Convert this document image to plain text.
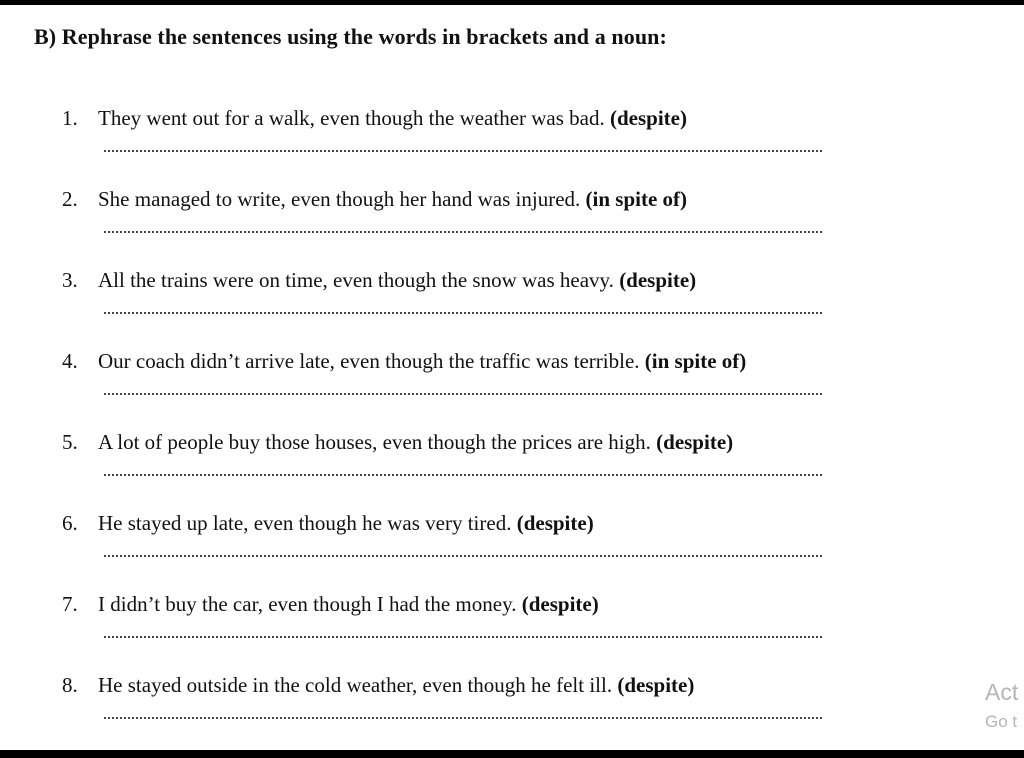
B) Rephrase the sentences using the words in brackets and a noun:
1. They went out for a walk, even though the weather was bad. (despite)
2. She managed to write, even though her hand was injured. (in spite of)
3. All the trains were on time, even though the snow was heavy. (despite)
4. Our coach didn’t arrive late, even though the traffic was terrible. (in spite of)
5. A lot of people buy those houses, even though the prices are high. (despite)
6. He stayed up late, even though he was very tired. (despite)
7. I didn’t buy the car, even though I had the money. (despite)
8. He stayed outside in the cold weather, even though he felt ill. (despite)	Act
Go t
